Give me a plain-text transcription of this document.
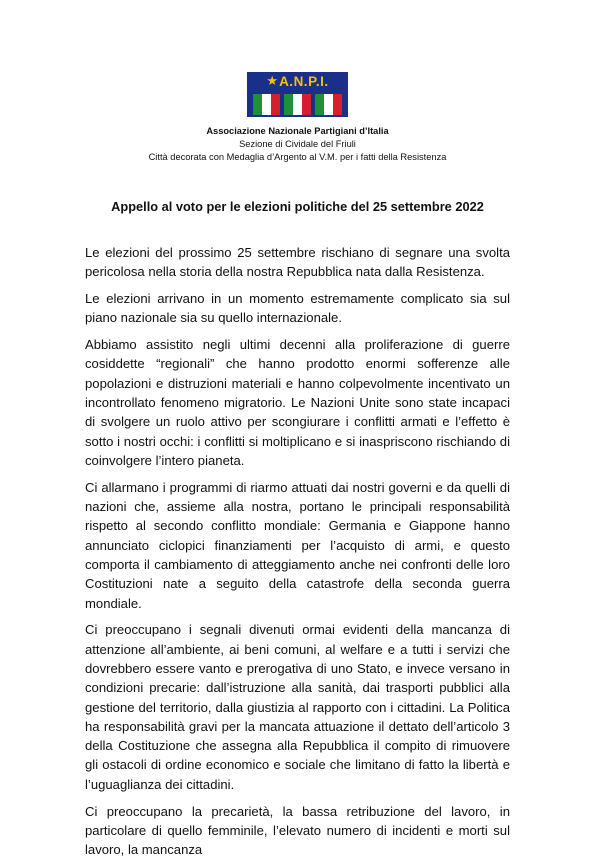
★ A.N.P.I.
Associazione Nazionale Partigiani d’Italia
Sezione di Cividale del Friuli
Città decorata con Medaglia d’Argento al V.M. per i fatti della Resistenza
Appello al voto per le elezioni politiche del 25 settembre 2022

Le elezioni del prossimo 25 settembre rischiano di segnare una svolta pericolosa nella storia della nostra Repubblica nata dalla Resistenza.

Le elezioni arrivano in un momento estremamente complicato sia sul piano nazionale sia su quello internazionale.

Abbiamo assistito negli ultimi decenni alla proliferazione di guerre cosiddette “regionali” che hanno prodotto enormi sofferenze alle popolazioni e distruzioni materiali e hanno colpevolmente incentivato un incontrollato fenomeno migratorio. Le Nazioni Unite sono state incapaci di svolgere un ruolo attivo per scongiurare i conflitti armati e l’effetto è sotto i nostri occhi: i conflitti si moltiplicano e si inaspriscono rischiando di coinvolgere l’intero pianeta.

Ci allarmano i programmi di riarmo attuati dai nostri governi e da quelli di nazioni che, assieme alla nostra, portano le principali responsabilità rispetto al secondo conflitto mondiale: Germania e Giappone hanno annunciato ciclopici finanziamenti per l’acquisto di armi, e questo comporta il cambiamento di atteggiamento anche nei confronti delle loro Costituzioni nate a seguito della catastrofe della seconda guerra mondiale.

Ci preoccupano i segnali divenuti ormai evidenti della mancanza di attenzione all’ambiente, ai beni comuni, al welfare e a tutti i servizi che dovrebbero essere vanto e prerogativa di uno Stato, e invece versano in condizioni precarie: dall’istruzione alla sanità, dai trasporti pubblici alla gestione del territorio, dalla giustizia al rapporto con i cittadini. La Politica ha responsabilità gravi per la mancata attuazione il dettato dell’articolo 3 della Costituzione che assegna alla Repubblica il compito di rimuovere gli ostacoli di ordine economico e sociale che limitano di fatto la libertà e l’uguaglianza dei cittadini.

Ci preoccupano la precarietà, la bassa retribuzione del lavoro, in particolare di quello femminile, l’elevato numero di incidenti e morti sul lavoro, la mancanza
